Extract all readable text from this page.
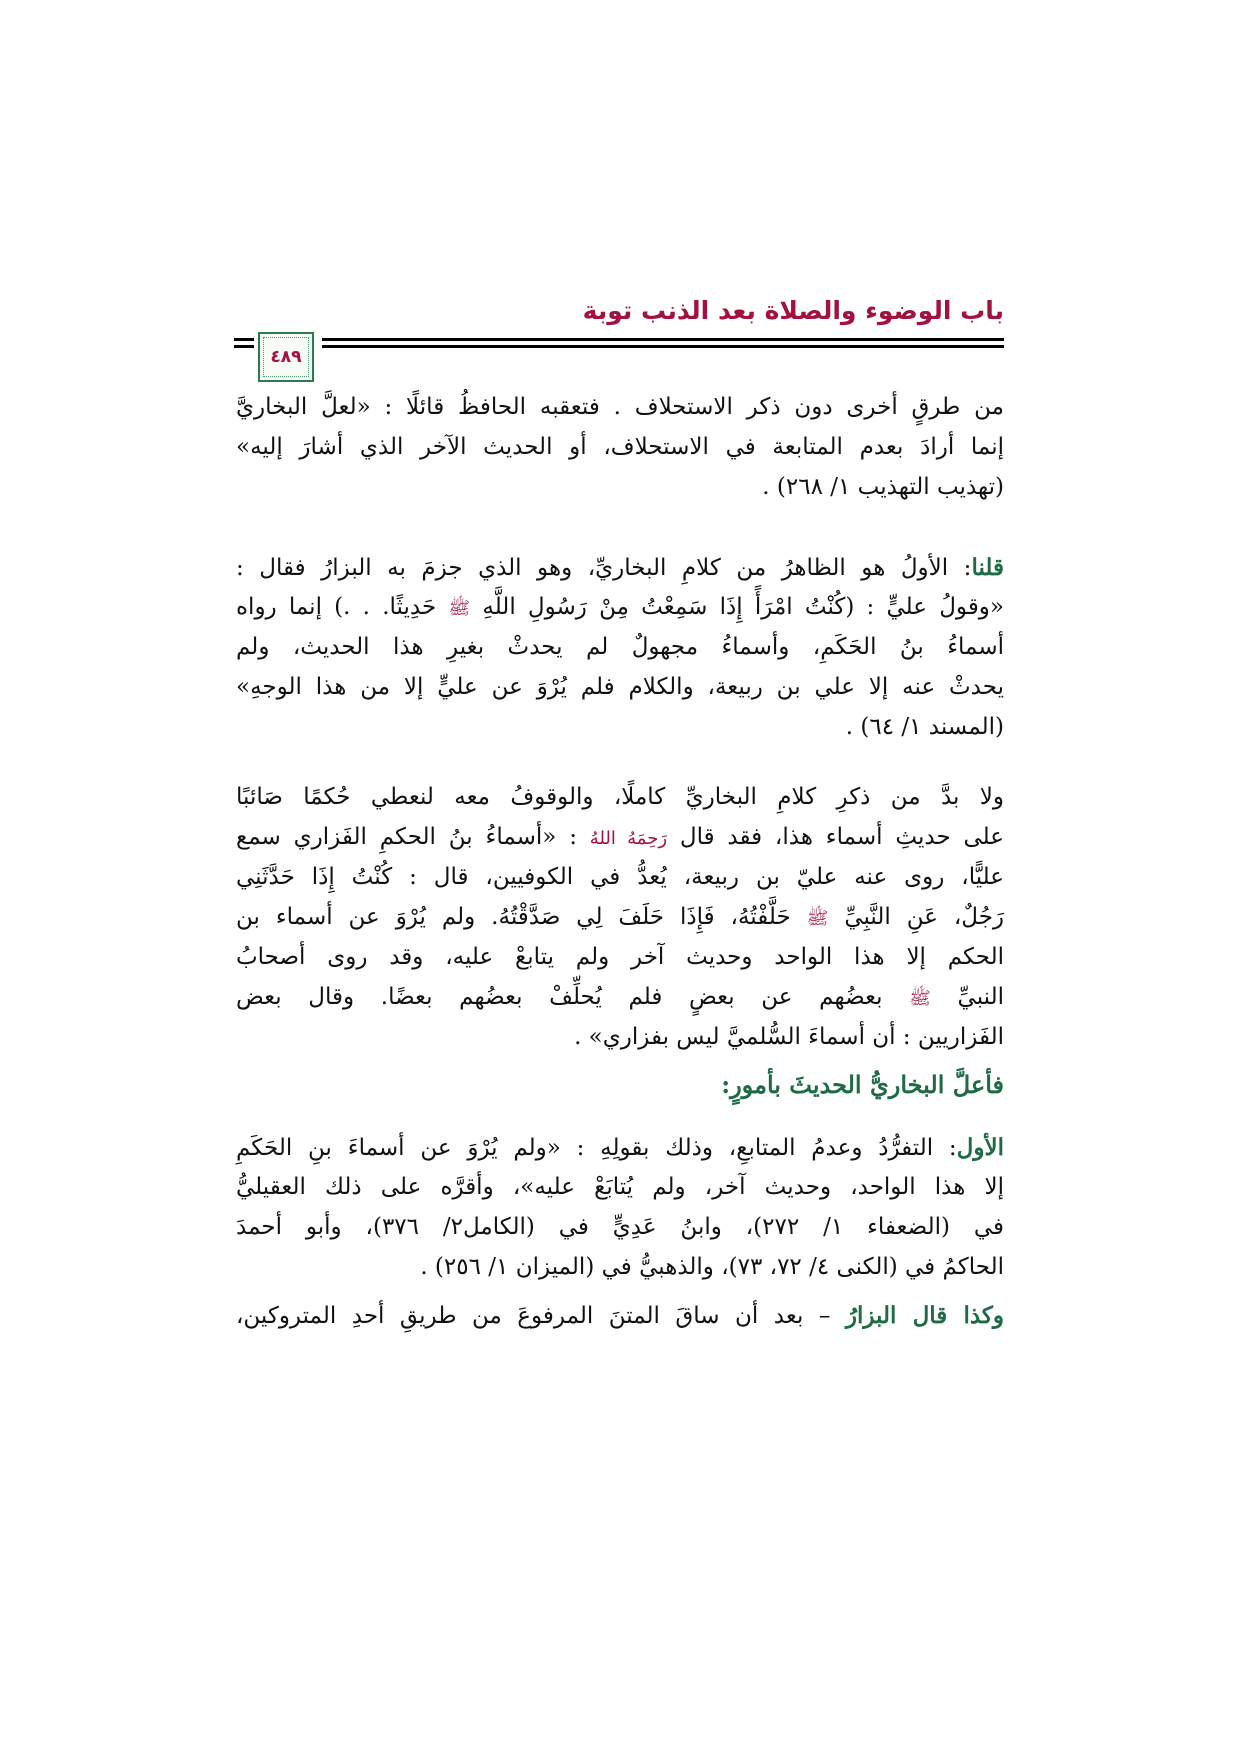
باب الوضوء والصلاة بعد الذنب توبة
٤٨٩
من طرقٍ أخرى دون ذكر الاستحلاف . فتعقبه الحافظُ قائلًا : «لعلَّ البخاريَّ
إنما أرادَ بعدم المتابعة في الاستحلاف، أو الحديث الآخر الذي أشارَ إليه»
(تهذيب التهذيب ١/ ٢٦٨) .
قلنا: الأولُ هو الظاهرُ من كلامِ البخاريِّ، وهو الذي جزمَ به البزارُ فقال :
«وقولُ عليٍّ : (كُنْتُ امْرَأً إِذَا سَمِعْتُ مِنْ رَسُولِ اللَّهِ ﷺ حَدِيثًا. . .) إنما رواه
أسماءُ بنُ الحَكَمِ، وأسماءُ مجهولٌ لم يحدثْ بغيرِ هذا الحديث، ولم
يحدثْ عنه إلا علي بن ربيعة، والكلام فلم يُرْوَ عن عليٍّ إلا من هذا الوجهِ»
(المسند ١/ ٦٤) .
ولا بدَّ من ذكرِ كلامِ البخاريِّ كاملًا، والوقوفُ معه لنعطي حُكمًا صَائبًا
على حديثِ أسماء هذا، فقد قال رَحِمَهُ اللهُ : «أسماءُ بنُ الحكمِ الفَزاري سمع
عليًّا، روى عنه عليّ بن ربيعة، يُعدُّ في الكوفيين، قال : كُنْتُ إِذَا حَدَّثَنِي
رَجُلٌ، عَنِ النَّبِيِّ ﷺ حَلَّفْتُهُ، فَإِذَا حَلَفَ لِي صَدَّقْتُهُ. ولم يُرْوَ عن أسماء بن
الحكم إلا هذا الواحد وحديث آخر ولم يتابعْ عليه، وقد روى أصحابُ
النبيِّ ﷺ بعضُهم عن بعضٍ فلم يُحلِّفْ بعضُهم بعضًا. وقال بعض
الفَزاريين : أن أسماءَ السُّلميَّ ليس بفزاري» .
فأعلَّ البخاريُّ الحديثَ بأمورٍ:
الأول: التفرُّدُ وعدمُ المتابعِ، وذلك بقولِهِ : «ولم يُرْوَ عن أسماءَ بنِ الحَكَمِ
إلا هذا الواحد، وحديث آخر، ولم يُتابَعْ عليه»، وأقرَّه على ذلك العقيليُّ
في (الضعفاء ١/ ٢٧٢)، وابنُ عَدِيٍّ في (الكامل٢/ ٣٧٦)، وأبو أحمدَ
الحاكمُ في (الكنى ٤/ ٧٢، ٧٣)، والذهبيُّ في (الميزان ١/ ٢٥٦) .
وكذا قال البزارُ – بعد أن ساقَ المتنَ المرفوعَ من طريقِ أحدِ المتروكين،
